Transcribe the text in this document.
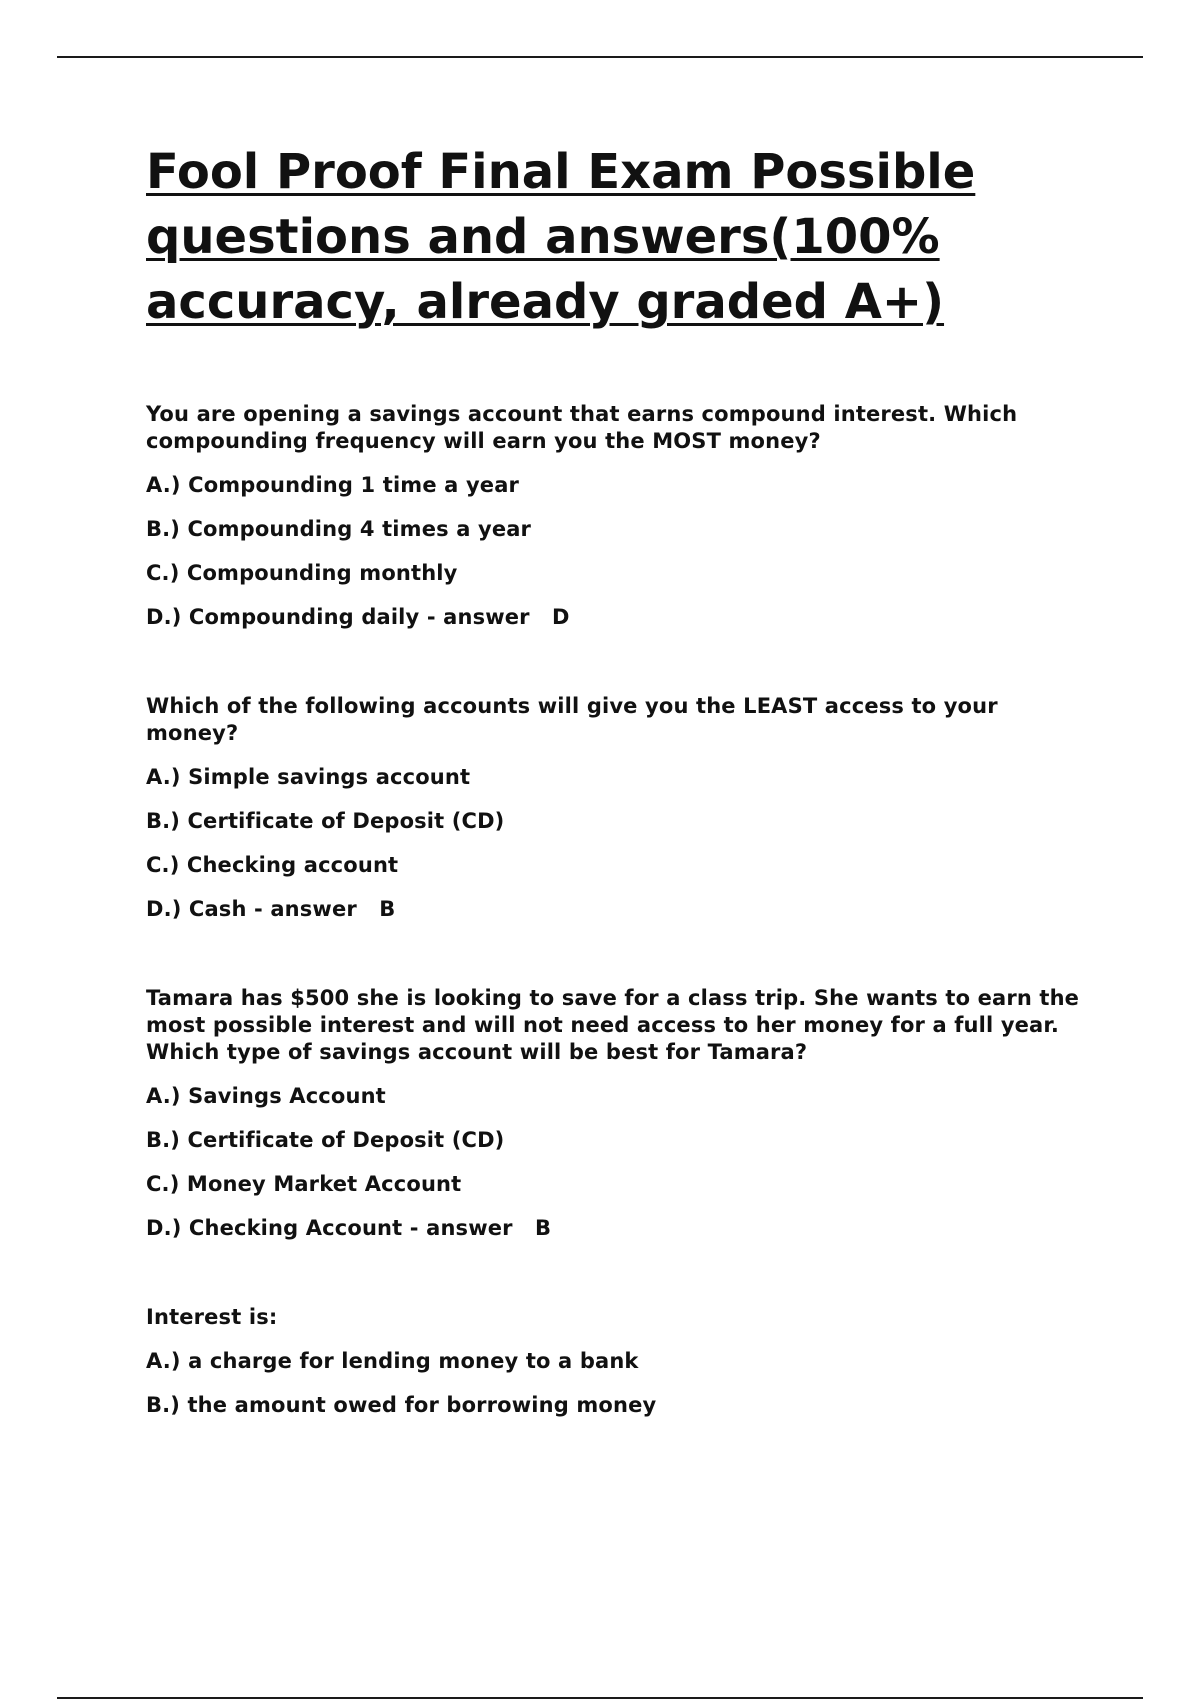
Fool Proof Final Exam Possible questions and answers(100% accuracy, already graded A+)

You are opening a savings account that earns compound interest. Which compounding frequency will earn you the MOST money?

A.) Compounding 1 time a year

B.) Compounding 4 times a year

C.) Compounding monthly

D.) Compounding daily - answer   D

Which of the following accounts will give you the LEAST access to your money?

A.) Simple savings account

B.) Certificate of Deposit (CD)

C.) Checking account

D.) Cash - answer   B

Tamara has $500 she is looking to save for a class trip. She wants to earn the most possible interest and will not need access to her money for a full year. Which type of savings account will be best for Tamara?

A.) Savings Account

B.) Certificate of Deposit (CD)

C.) Money Market Account

D.) Checking Account - answer   B

Interest is:

A.) a charge for lending money to a bank

B.) the amount owed for borrowing money
